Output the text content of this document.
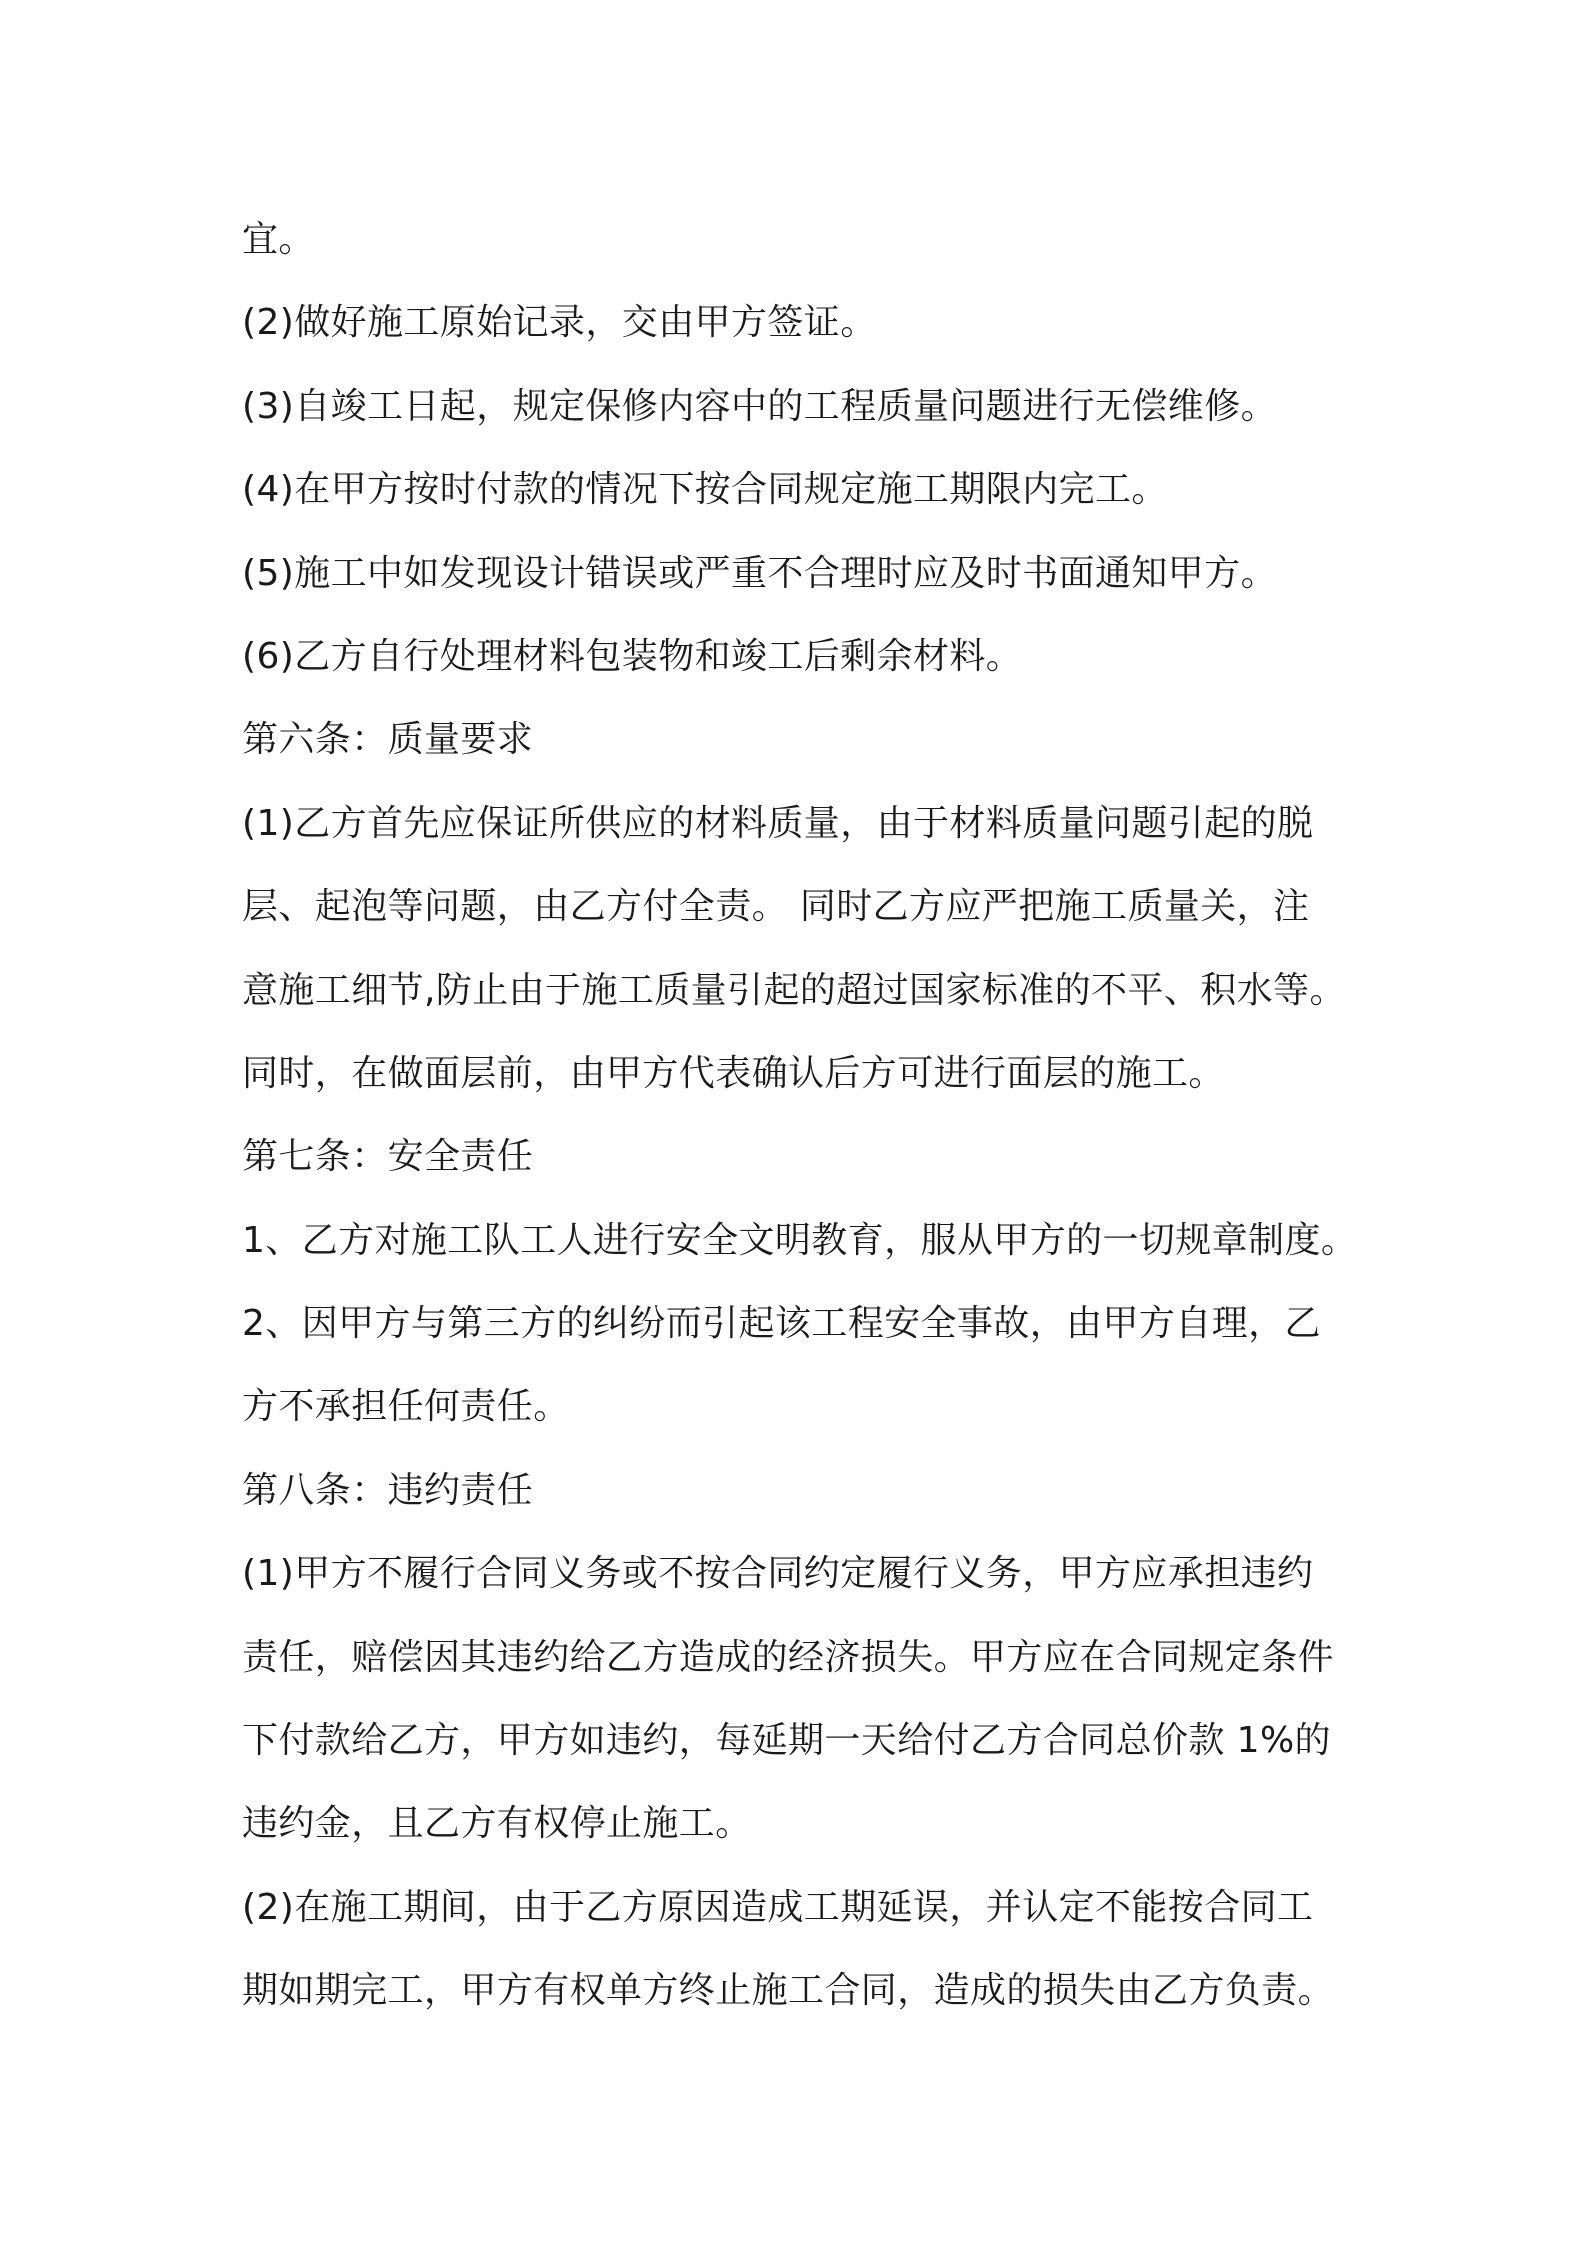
宜。

(2)做好施工原始记录，交由甲方签证。

(3)自竣工日起，规定保修内容中的工程质量问题进行无偿维修。

(4)在甲方按时付款的情况下按合同规定施工期限内完工。

(5)施工中如发现设计错误或严重不合理时应及时书面通知甲方。

(6)乙方自行处理材料包装物和竣工后剩余材料。

第六条：质量要求

(1)乙方首先应保证所供应的材料质量，由于材料质量问题引起的脱

层、起泡等问题，由乙方付全责。 同时乙方应严把施工质量关，注

意施工细节,防止由于施工质量引起的超过国家标准的不平、积水等。

同时，在做面层前，由甲方代表确认后方可进行面层的施工。

第七条：安全责任

1、乙方对施工队工人进行安全文明教育，服从甲方的一切规章制度。

2、因甲方与第三方的纠纷而引起该工程安全事故，由甲方自理，乙

方不承担任何责任。

第八条：违约责任

(1)甲方不履行合同义务或不按合同约定履行义务，甲方应承担违约

责任，赔偿因其违约给乙方造成的经济损失。甲方应在合同规定条件

下付款给乙方，甲方如违约，每延期一天给付乙方合同总价款 1%的

违约金，且乙方有权停止施工。

(2)在施工期间，由于乙方原因造成工期延误，并认定不能按合同工

期如期完工，甲方有权单方终止施工合同，造成的损失由乙方负责。
